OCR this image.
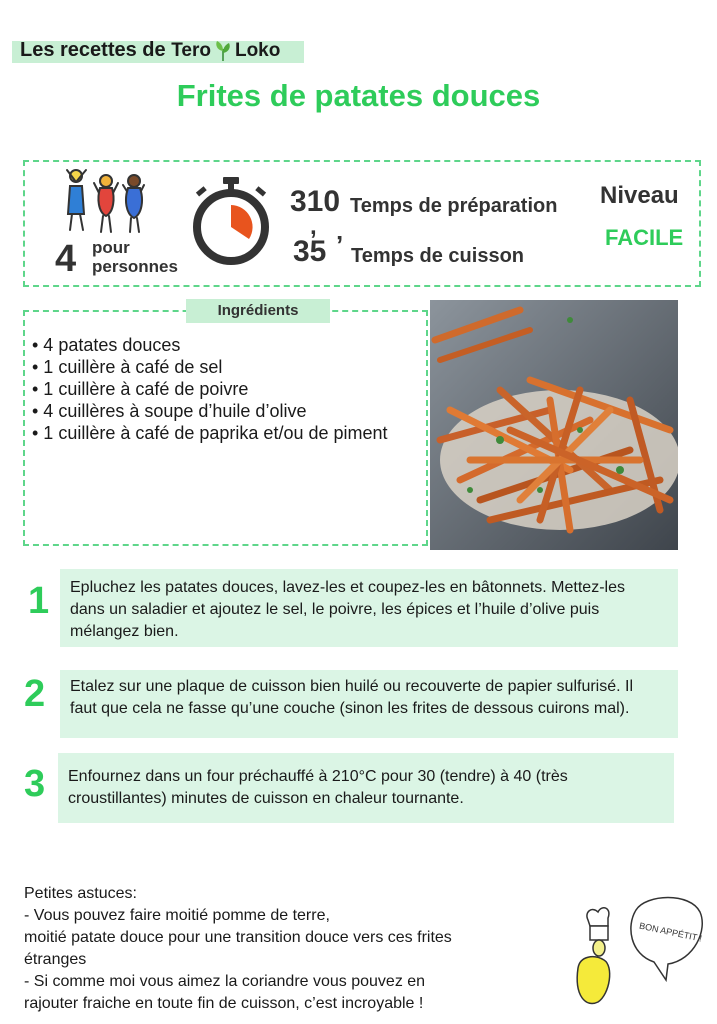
Les recettes de Tero Loko
Frites de patates douces
4 pour
personnes
310
,
Temps de préparation
35 ’ Temps de cuisson
Niveau
FACILE
Ingrédients
• 4 patates douces
• 1 cuillère à café de sel
• 1 cuillère à café de poivre
• 4 cuillères à soupe d’huile d’olive
• 1 cuillère à café de paprika et/ou de piment
1	Epluchez les patates douces, lavez-les et coupez-les en bâtonnets. Mettez-les dans un saladier et ajoutez le sel, le poivre, les épices et l’huile d’olive puis mélangez bien.
2	Etalez sur une plaque de cuisson bien huilé ou recouverte de papier sulfurisé. Il faut que cela ne fasse qu’une couche (sinon les frites de dessous cuirons mal).
3	Enfournez dans un four préchauffé à 210°C pour 30 (tendre) à 40 (très croustillantes) minutes de cuisson en chaleur tournante.
Petites astuces:
- Vous pouvez faire moitié pomme de terre,
moitié patate douce pour une transition douce vers ces frites étranges
- Si comme moi vous aimez la coriandre vous pouvez en rajouter fraiche en toute fin de cuisson, c’est incroyable !
BON APPÉTIT !
